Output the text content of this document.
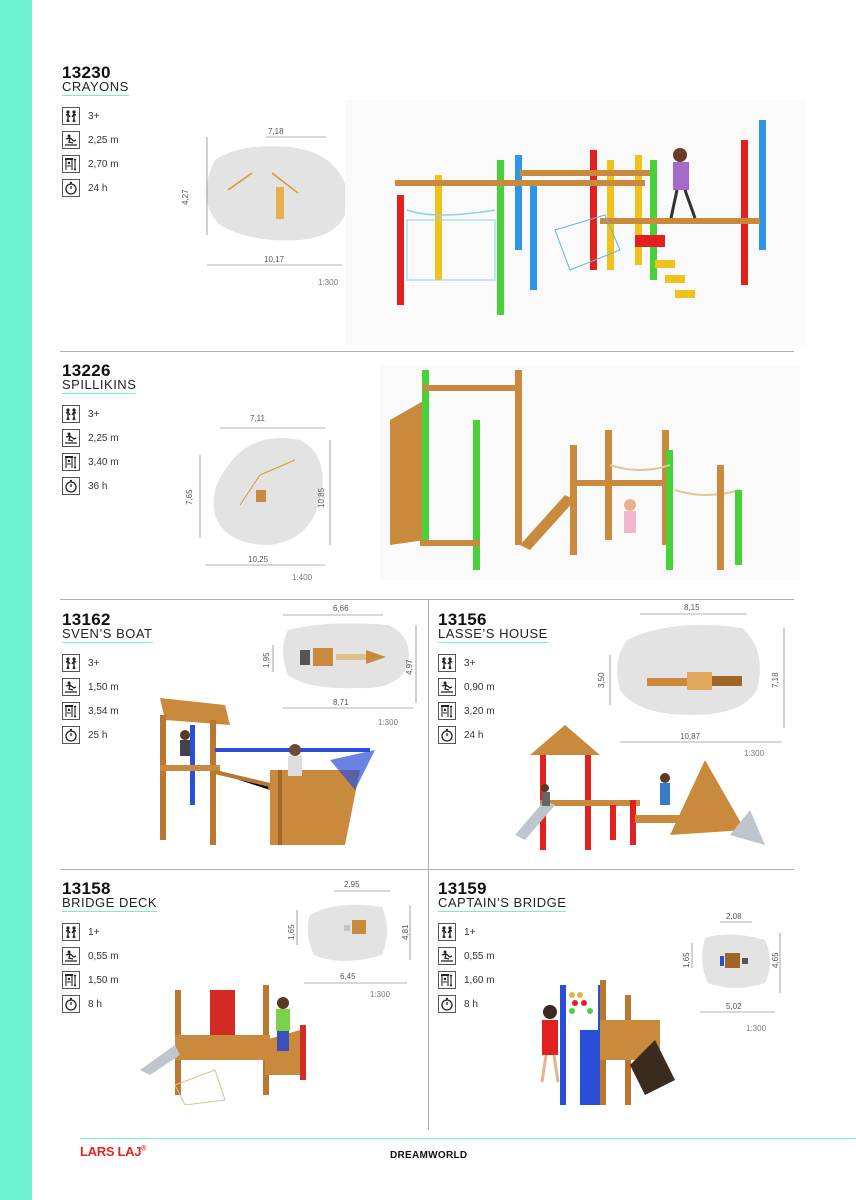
13230
CRAYONS
3+
2,25 m
2,70 m
24 h
7,18
4,27
10,17
1:300
13226
SPILLIKINS
3+
2,25 m
3,40 m
36 h
7,11
7,65	10,85
10,25
1:400
13162
SVEN’S BOAT
3+
1,50 m
3,54 m
25 h
6,66
1,95	4,97
8,71
1:300
13156
LASSE’S HOUSE
3+
0,90 m
3,20 m
24 h
8,15
3,50	7,18
10,87
1:300
13158
BRIDGE DECK
1+
0,55 m
1,50 m
8 h
2,95
1,65	4,81
6,45
1:300
13159
CAPTAIN’S BRIDGE
1+
0,55 m
1,60 m
8 h
2,08
1,65	4,65
5,02
1:300
70 LARS LAJ®
DREAMWORLD
